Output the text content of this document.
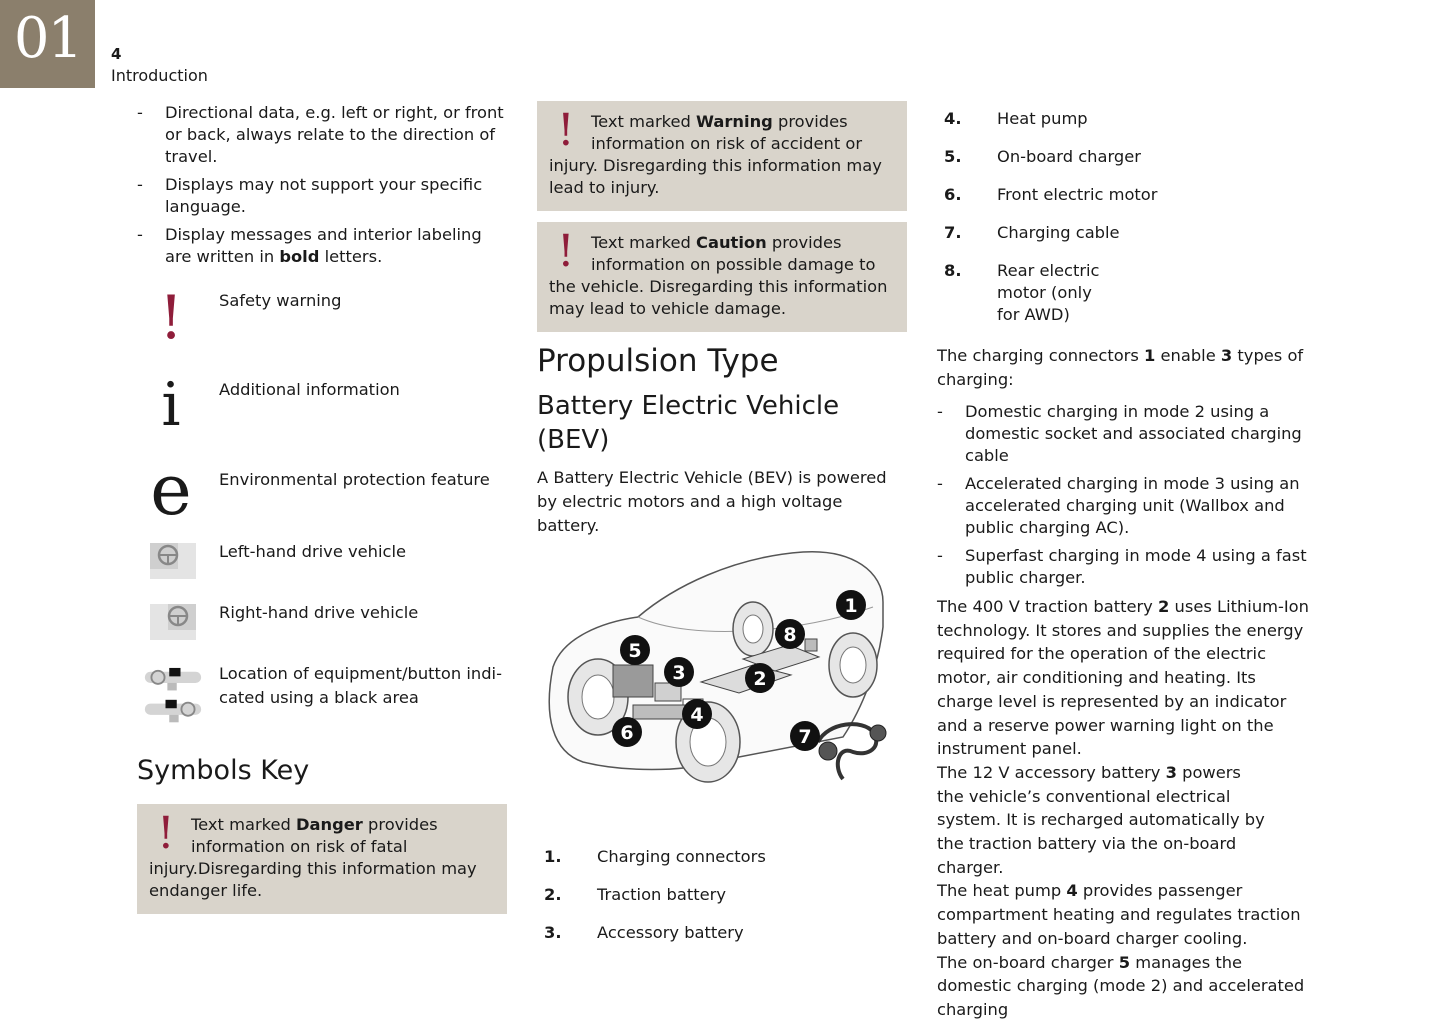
01	4
Introduction
- Directional data, e.g. left or right, or front or back, always relate to the direction of travel.
- Displays may not support your specific language.
- Display messages and interior labeling are written in bold letters.
!	Safety warning
i	Additional information
e	Environmental protection feature
Left-hand drive vehicle
Right-hand drive vehicle
Location of equipment/button indi-cated using a black area
Symbols Key
!	Text marked Danger provides information on risk of fatal
injury.Disregarding this information may endanger life.
!	Text marked Warning provides information on risk of accident or
injury. Disregarding this information may lead to injury.
!	Text marked Caution provides information on possible damage to
the vehicle. Disregarding this information may lead to vehicle damage.
Propulsion Type
Battery Electric Vehicle (BEV)

A Battery Electric Vehicle (BEV) is powered by electric motors and a high voltage battery.

1
2
3
4
5
6	7
8
1. Charging connectors
2. Traction battery
3. Accessory battery
4. Heat pump
5. On-board charger
6. Front electric motor
7. Charging cable
8. Rear electric motor (only for AWD)

The charging connectors 1 enable 3 types of charging:

- Domestic charging in mode 2 using a domestic socket and associated charging cable
- Accelerated charging in mode 3 using an accelerated charging unit (Wallbox and public charging AC).
- Superfast charging in mode 4 using a fast public charger.

The 400 V traction battery 2 uses Lithium-Ion technology. It stores and supplies the energy required for the operation of the electric motor, air conditioning and heating. Its charge level is represented by an indicator and a reserve power warning light on the instrument panel.

The 12 V accessory battery 3 powers the vehicle’s conventional electrical system. It is recharged automatically by the traction battery via the on-board charger.

The heat pump 4 provides passenger compartment heating and regulates traction battery and on-board charger cooling.

The on-board charger 5 manages the domestic charging (mode 2) and accelerated charging
